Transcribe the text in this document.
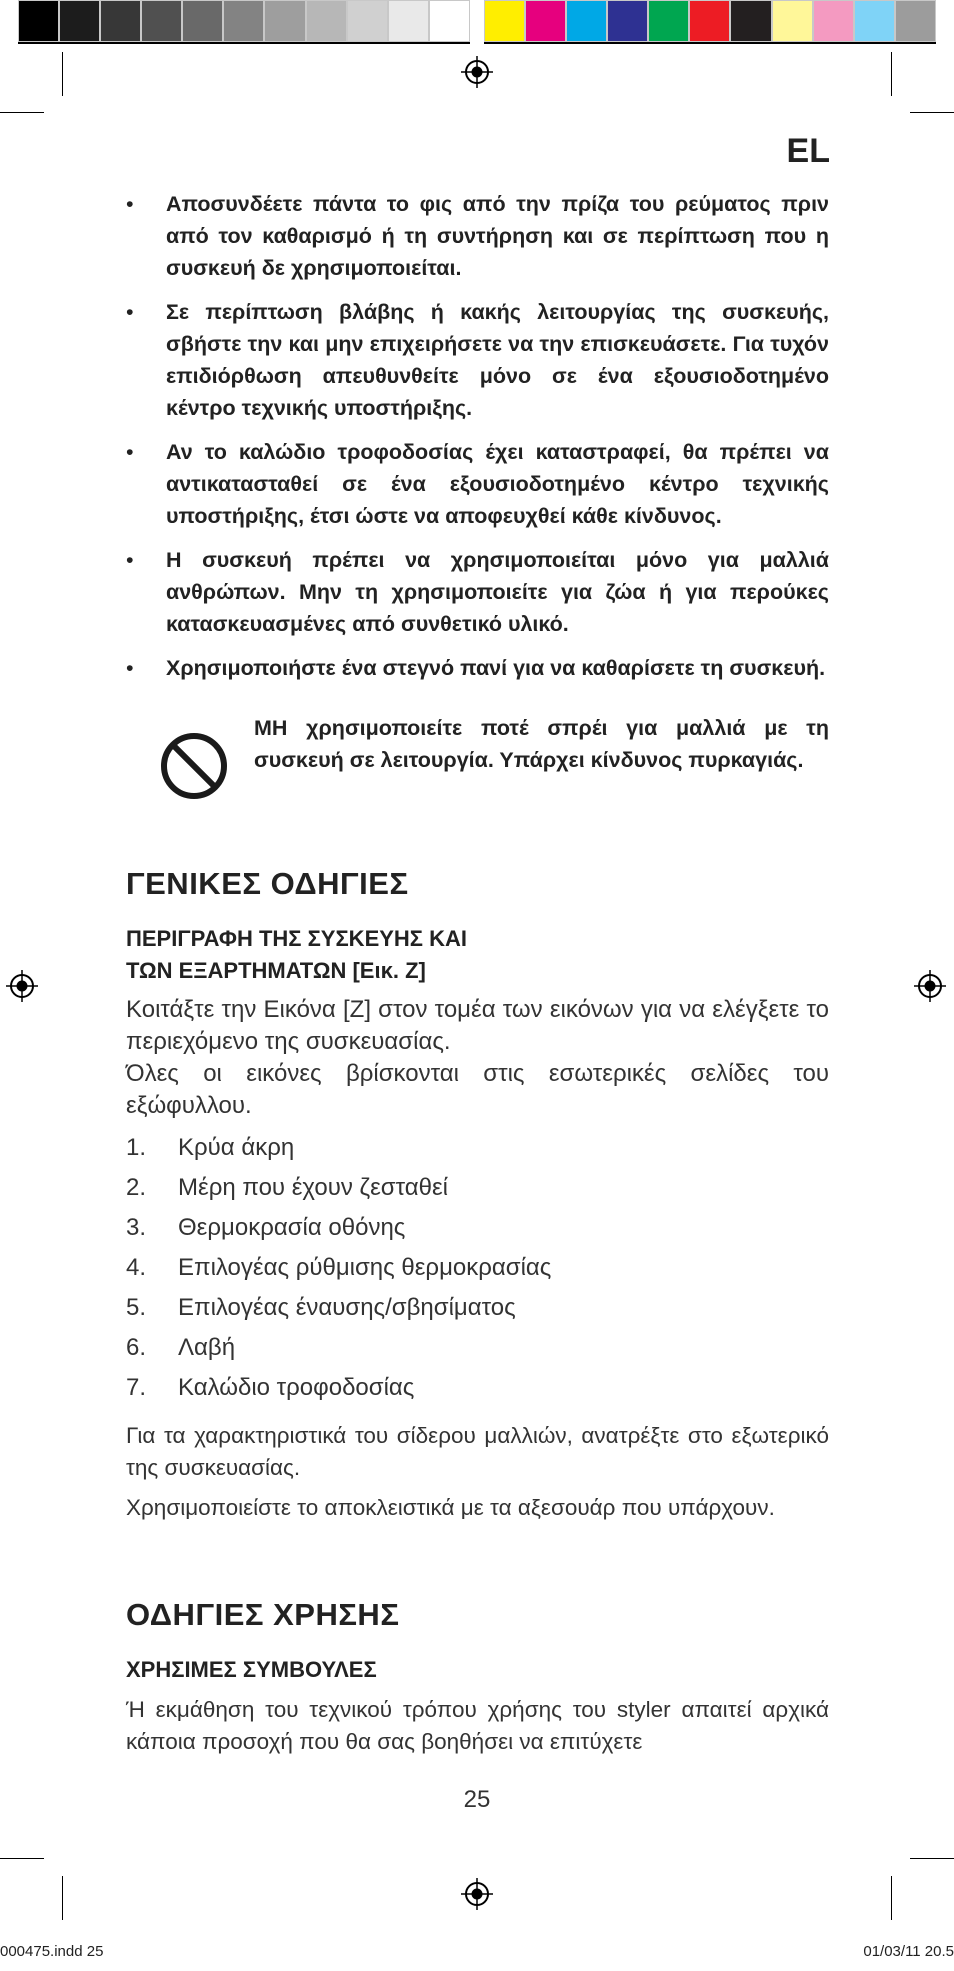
EL
• Αποσυνδέετε πάντα το φις από την πρίζα του ρεύματος πριν από τον καθαρισμό ή τη συντήρηση και σε περίπτωση που η συσκευή δε χρησιμοποιείται.
• Σε περίπτωση βλάβης ή κακής λειτουργίας της συσκευής, σβήστε την και μην επιχειρήσετε να την επισκευάσετε. Για τυχόν επιδιόρθωση απευθυνθείτε μόνο σε ένα εξουσιοδοτημένο κέντρο τεχνικής υποστήριξης.
• Αν το καλώδιο τροφοδοσίας έχει καταστραφεί, θα πρέπει να αντικατασταθεί σε ένα εξουσιοδοτημένο κέντρο τεχνικής υποστήριξης, έτσι ώστε να αποφευχθεί κάθε κίνδυνος.
• Η συσκευή πρέπει να χρησιμοποιείται μόνο για μαλλιά ανθρώπων. Μην τη χρησιμοποιείτε για ζώα ή για περούκες κατασκευασμένες από συνθετικό υλικό.
• Χρησιμοποιήστε ένα στεγνό πανί για να καθαρίσετε τη συσκευή.
ΜΗ χρησιμοποιείτε ποτέ σπρέι για μαλλιά με τη συσκευή σε λειτουργία. Υπάρχει κίνδυνος πυρκαγιάς.
ΓΕΝΙΚΕΣ ΟΔΗΓΙΕΣ
ΠΕΡΙΓΡΑΦΗ ΤΗΣ ΣΥΣΚΕΥΗΣ ΚΑΙ
ΤΩΝ ΕΞΑΡΤΗΜΑΤΩΝ [Εικ. Ζ]
Κοιτάξτε την Εικόνα [Ζ] στον τομέα των εικόνων για να ελέγξετε το περιεχόμενο της συσκευασίας.
Όλες οι εικόνες βρίσκονται στις εσωτερικές σελίδες του εξώφυλλου.
1. Κρύα άκρη
2. Μέρη που έχουν ζεσταθεί
3. Θερμοκρασία οθόνης
4. Επιλογέας ρύθμισης θερμοκρασίας
5. Επιλογέας έναυσης/σβησίματος
6. Λαβή
7. Καλώδιο τροφοδοσίας
Για τα χαρακτηριστικά του σίδερου μαλλιών, ανατρέξτε στο εξωτερικό της συσκευασίας.
Χρησιμοποιείστε το αποκλειστικά με τα αξεσουάρ που υπάρχουν.
ΟΔΗΓΙΕΣ ΧΡΗΣΗΣ
ΧΡΗΣΙΜΕΣ ΣΥΜΒΟΥΛΕΣ
Ή εκμάθηση του τεχνικού τρόπου χρήσης του styler απαιτεί αρχικά κάποια προσοχή που θα σας βοηθήσει να επιτύχετε
25
000475.indd 25	01/03/11 20.5
